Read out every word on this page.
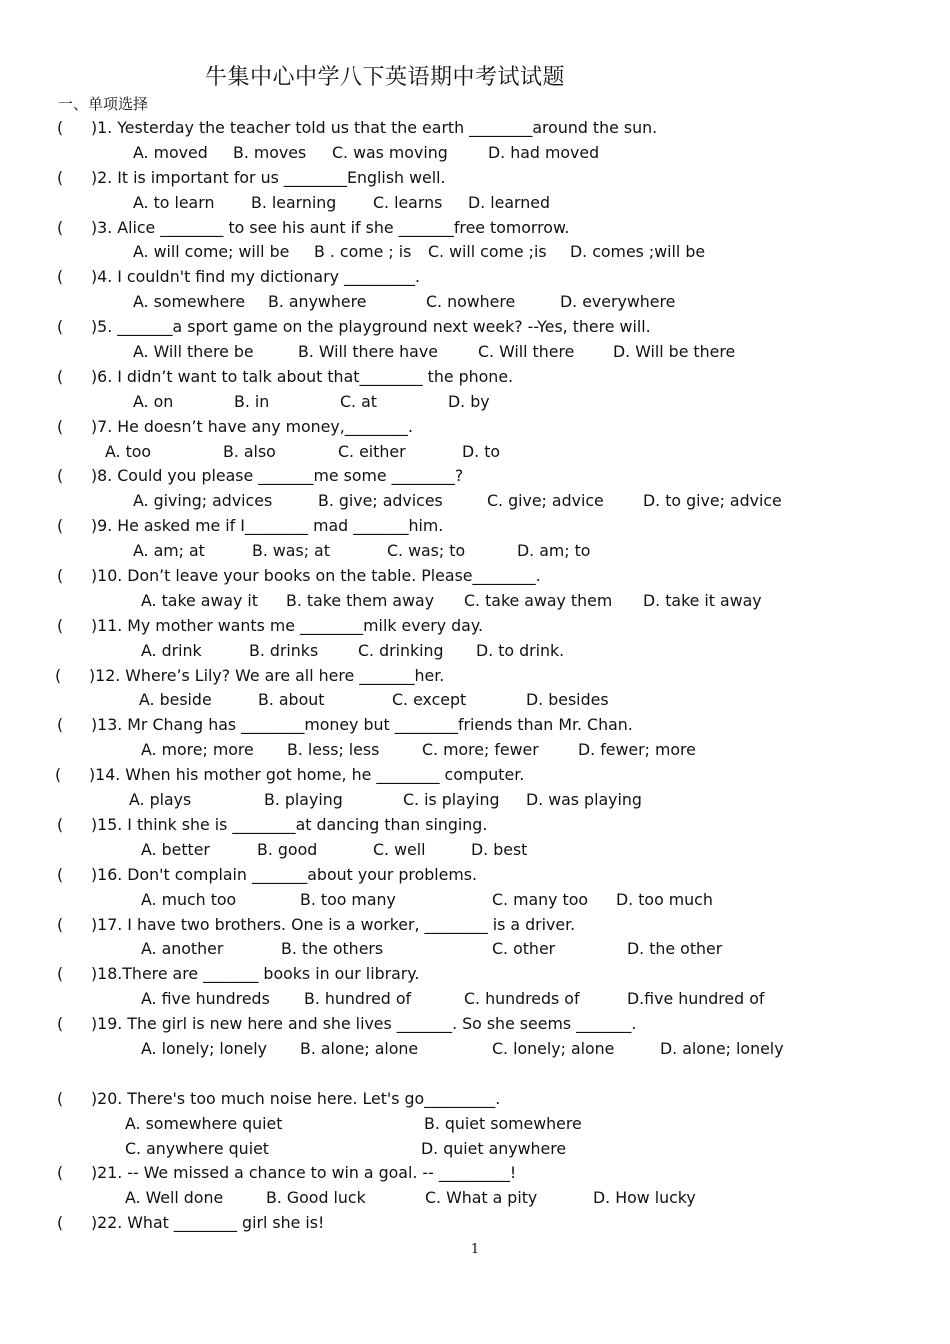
牛集中心中学八下英语期中考试试题
一、单项选择
( )1. Yesterday the teacher told us that the earth ________around the sun.
A. moved B. moves C. was moving	D. had moved
( )2. It is important for us ________English well.
A. to learn B. learning C. learns D. learned
( )3. Alice ________ to see his aunt if she _______free tomorrow.
A. will come; will be B . come ; is C. will come ;is D. comes ;will be
( )4. I couldn't find my dictionary _________.
A. somewhere B. anywhere	C. nowhere	D. everywhere
( )5. _______a sport game on the playground next week? --Yes, there will.
A. Will there be	B. Will there have	C. Will there D. Will be there
( )6. I didn’t want to talk about that________ the phone.
A. on	B. in	C. at	D. by
( )7. He doesn’t have any money,________.
A. too	B. also	C. either	D. to
( )8. Could you please _______me some ________?
A. giving; advices	B. give; advices	C. give; advice D. to give; advice
( )9. He asked me if I________ mad _______him.
A. am; at	B. was; at	C. was; to	D. am; to
( )10. Don’t leave your books on the table. Please________.
A. take away it B. take them away C. take away them D. take it away
( )11. My mother wants me ________milk every day.
A. drink	B. drinks	C. drinking D. to drink.
( )12. Where’s Lily? We are all here _______her.
A. beside	B. about	C. except	D. besides
( )13. Mr Chang has ________money but ________friends than Mr. Chan.
A. more; more B. less; less	C. more; fewer D. fewer; more
( )14. When his mother got home, he ________ computer.
A. plays	B. playing	C. is playing D. was playing
( )15. I think she is ________at dancing than singing.
A. better	B. good	C. well	D. best
( )16. Don't complain _______about your problems.
A. much too	B. too many	C. many too D. too much
( )17. I have two brothers. One is a worker, ________ is a driver.
A. another	B. the others	C. other	D. the other
( )18.There are _______ books in our library.
A. five hundreds B. hundred of	C. hundreds of	D.five hundred of
( )19. The girl is new here and she lives _______. So she seems _______.
A. lonely; lonely B. alone; alone	C. lonely; alone	D. alone; lonely
( )20. There's too much noise here. Let's go_________.
A. somewhere quiet	B. quiet somewhere
C. anywhere quiet	D. quiet anywhere
( )21. -- We missed a chance to win a goal. -- _________!
A. Well done	B. Good luck	C. What a pity	D. How lucky
( )22. What ________ girl she is!
1
